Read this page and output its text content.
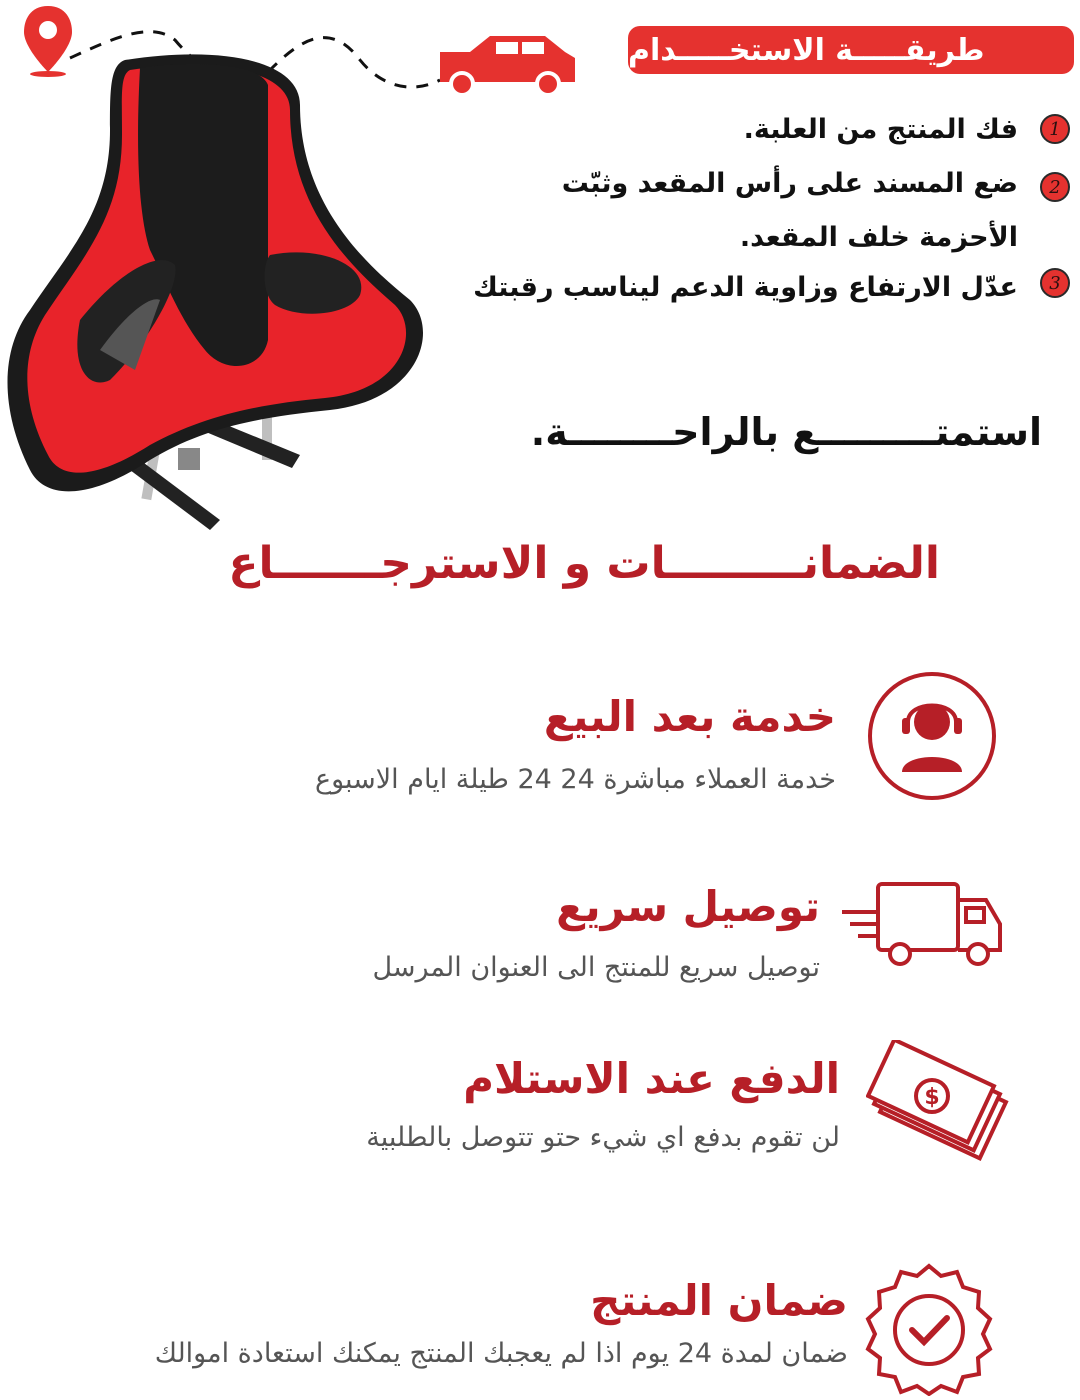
طريقـــــة الاستخـــــدام
1
فك المنتج من العلبة.
2
ضع المسند على رأس المقعد وثبّت
الأحزمة خلف المقعد.
3
عدّل الارتفاع وزاوية الدعم ليناسب رقبتك
استمتـــــــــع بالراحــــــــة.
الضمانـــــــــات و الاسترجـــــــاع
خدمة بعد البيع
خدمة العملاء مباشرة 24 24 طيلة ايام الاسبوع
توصيل سريع
توصيل سريع للمنتج الى العنوان المرسل
$
الدفع عند الاستلام
لن تقوم بدفع اي شيء حتو تتوصل بالطلبية
ضمان المنتج
ضمان لمدة 24 يوم اذا لم يعجبك المنتج يمكنك استعادة اموالك
